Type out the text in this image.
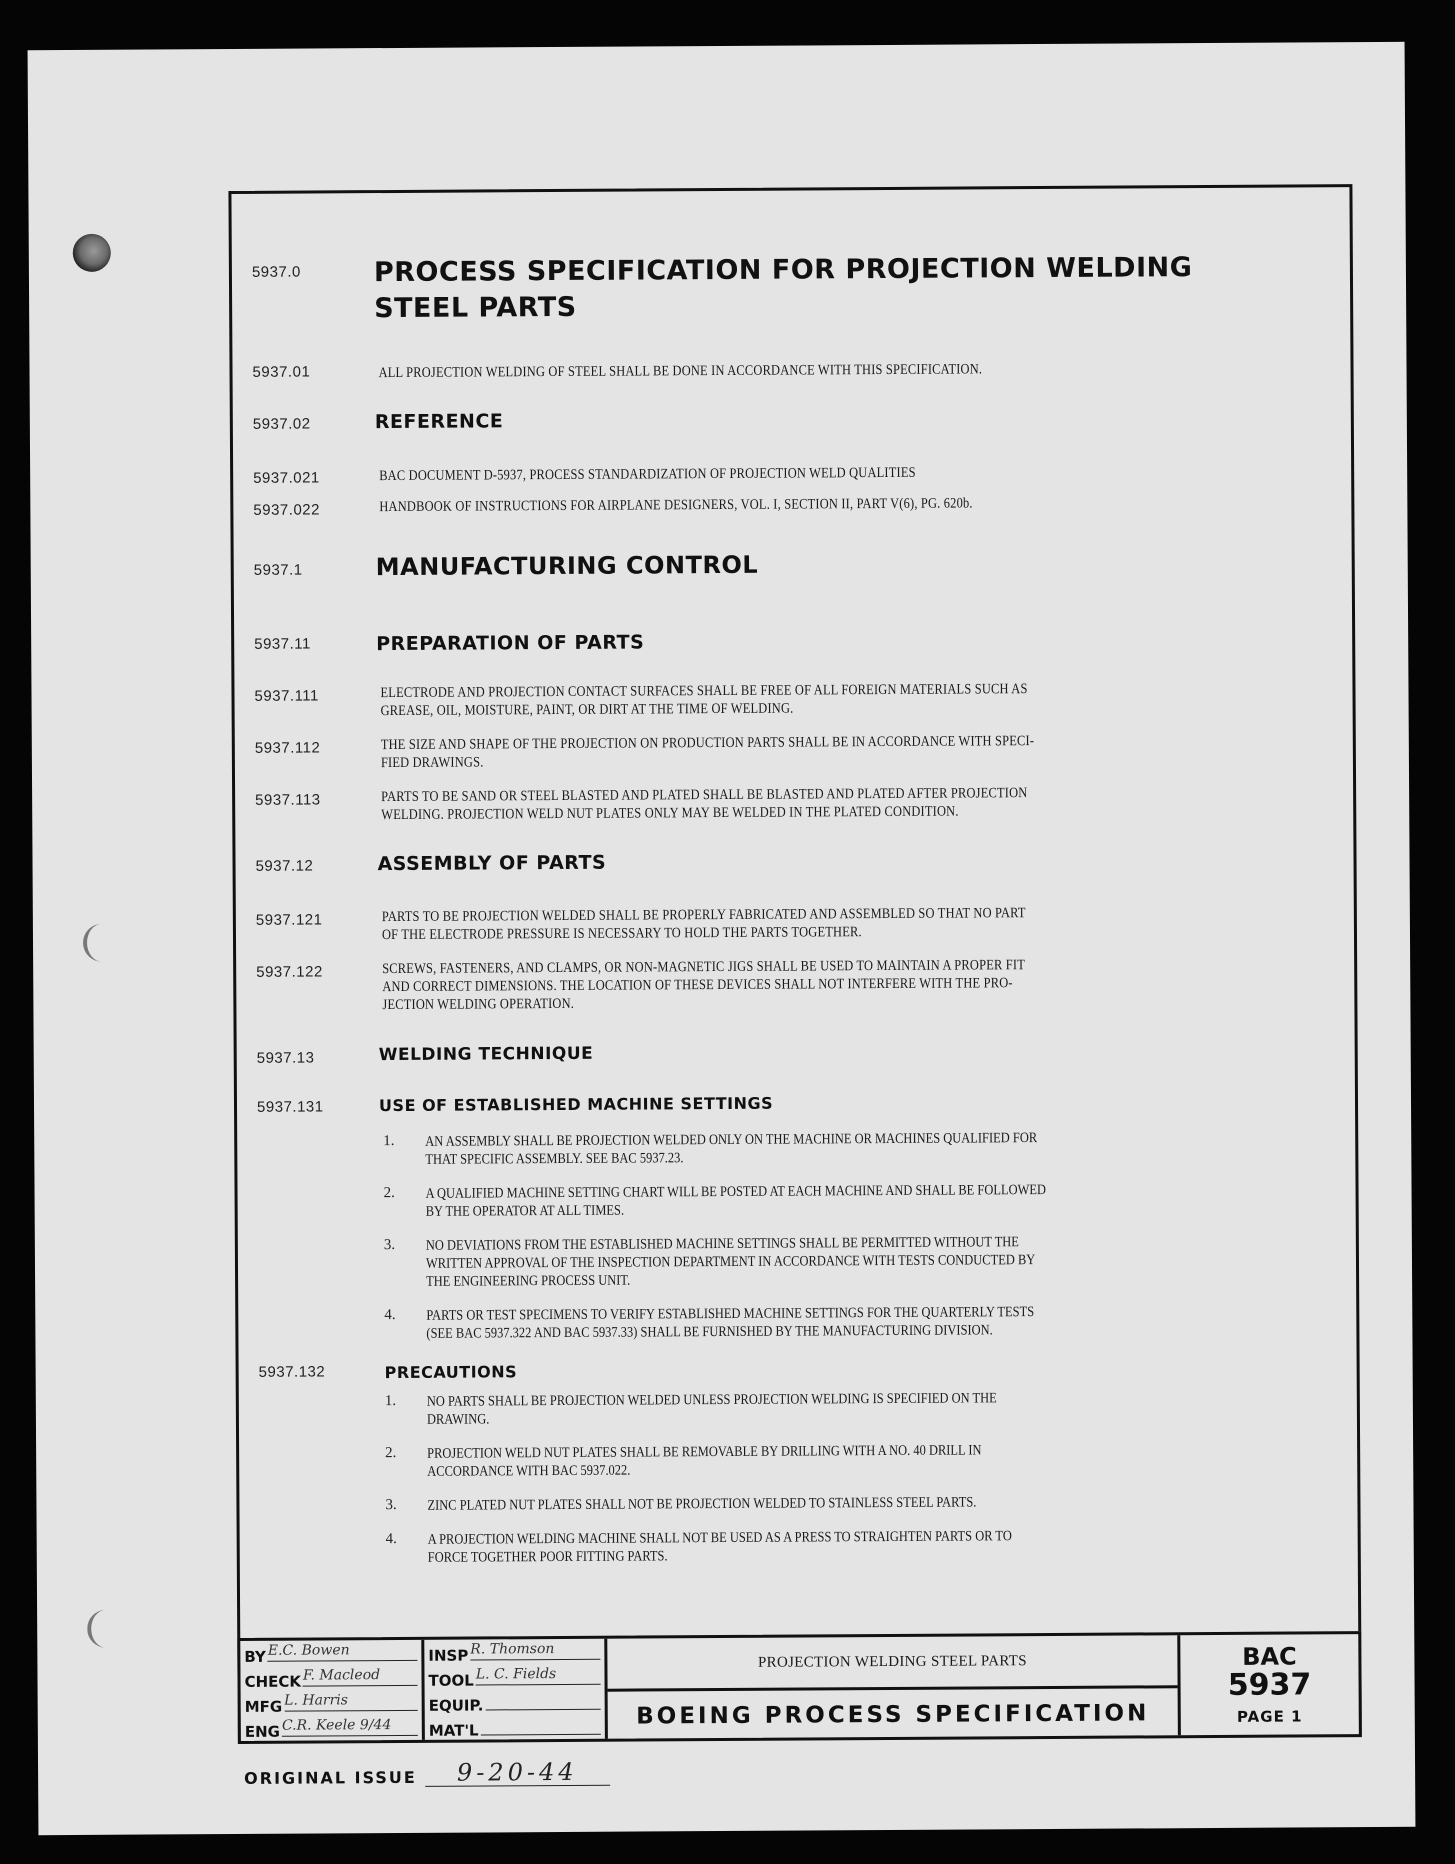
5937.0	PROCESS SPECIFICATION FOR PROJECTION WELDING
STEEL PARTS
5937.01	ALL PROJECTION WELDING OF STEEL SHALL BE DONE IN ACCORDANCE WITH THIS SPECIFICATION.
5937.02	REFERENCE
5937.021	BAC DOCUMENT D-5937, PROCESS STANDARDIZATION OF PROJECTION WELD QUALITIES
5937.022	HANDBOOK OF INSTRUCTIONS FOR AIRPLANE DESIGNERS, VOL. I, SECTION II, PART V(6), PG. 620b.
5937.1	MANUFACTURING CONTROL
5937.11	PREPARATION OF PARTS
5937.111	ELECTRODE AND PROJECTION CONTACT SURFACES SHALL BE FREE OF ALL FOREIGN MATERIALS SUCH AS
GREASE, OIL, MOISTURE, PAINT, OR DIRT AT THE TIME OF WELDING.
5937.112	THE SIZE AND SHAPE OF THE PROJECTION ON PRODUCTION PARTS SHALL BE IN ACCORDANCE WITH SPECI-
FIED DRAWINGS.
5937.113	PARTS TO BE SAND OR STEEL BLASTED AND PLATED SHALL BE BLASTED AND PLATED AFTER PROJECTION
WELDING. PROJECTION WELD NUT PLATES ONLY MAY BE WELDED IN THE PLATED CONDITION.
5937.12	ASSEMBLY OF PARTS
5937.121	PARTS TO BE PROJECTION WELDED SHALL BE PROPERLY FABRICATED AND ASSEMBLED SO THAT NO PART
OF THE ELECTRODE PRESSURE IS NECESSARY TO HOLD THE PARTS TOGETHER.
5937.122	SCREWS, FASTENERS, AND CLAMPS, OR NON-MAGNETIC JIGS SHALL BE USED TO MAINTAIN A PROPER FIT
AND CORRECT DIMENSIONS. THE LOCATION OF THESE DEVICES SHALL NOT INTERFERE WITH THE PRO-
JECTION WELDING OPERATION.
5937.13	WELDING TECHNIQUE
5937.131	USE OF ESTABLISHED MACHINE SETTINGS
1. AN ASSEMBLY SHALL BE PROJECTION WELDED ONLY ON THE MACHINE OR MACHINES QUALIFIED FOR
THAT SPECIFIC ASSEMBLY. SEE BAC 5937.23.
2. A QUALIFIED MACHINE SETTING CHART WILL BE POSTED AT EACH MACHINE AND SHALL BE FOLLOWED
BY THE OPERATOR AT ALL TIMES.
3. NO DEVIATIONS FROM THE ESTABLISHED MACHINE SETTINGS SHALL BE PERMITTED WITHOUT THE
WRITTEN APPROVAL OF THE INSPECTION DEPARTMENT IN ACCORDANCE WITH TESTS CONDUCTED BY
THE ENGINEERING PROCESS UNIT.
4. PARTS OR TEST SPECIMENS TO VERIFY ESTABLISHED MACHINE SETTINGS FOR THE QUARTERLY TESTS
(SEE BAC 5937.322 AND BAC 5937.33) SHALL BE FURNISHED BY THE MANUFACTURING DIVISION.
5937.132	PRECAUTIONS
1. NO PARTS SHALL BE PROJECTION WELDED UNLESS PROJECTION WELDING IS SPECIFIED ON THE
DRAWING.
2. PROJECTION WELD NUT PLATES SHALL BE REMOVABLE BY DRILLING WITH A NO. 40 DRILL IN
ACCORDANCE WITH BAC 5937.022.
3. ZINC PLATED NUT PLATES SHALL NOT BE PROJECTION WELDED TO STAINLESS STEEL PARTS.
4. A PROJECTION WELDING MACHINE SHALL NOT BE USED AS A PRESS TO STRAIGHTEN PARTS OR TO
FORCE TOGETHER POOR FITTING PARTS.
BY E.C. Bowen
CHECK F. Macleod
MFG L. Harris
ENG C.R. Keele 9/44
INSP R. Thomson
TOOL L. C. Fields
EQUIP.
MAT'L
PROJECTION WELDING STEEL PARTS
BOEING PROCESS SPECIFICATION
BAC
5937
PAGE 1
ORIGINAL ISSUE	9-20-44
